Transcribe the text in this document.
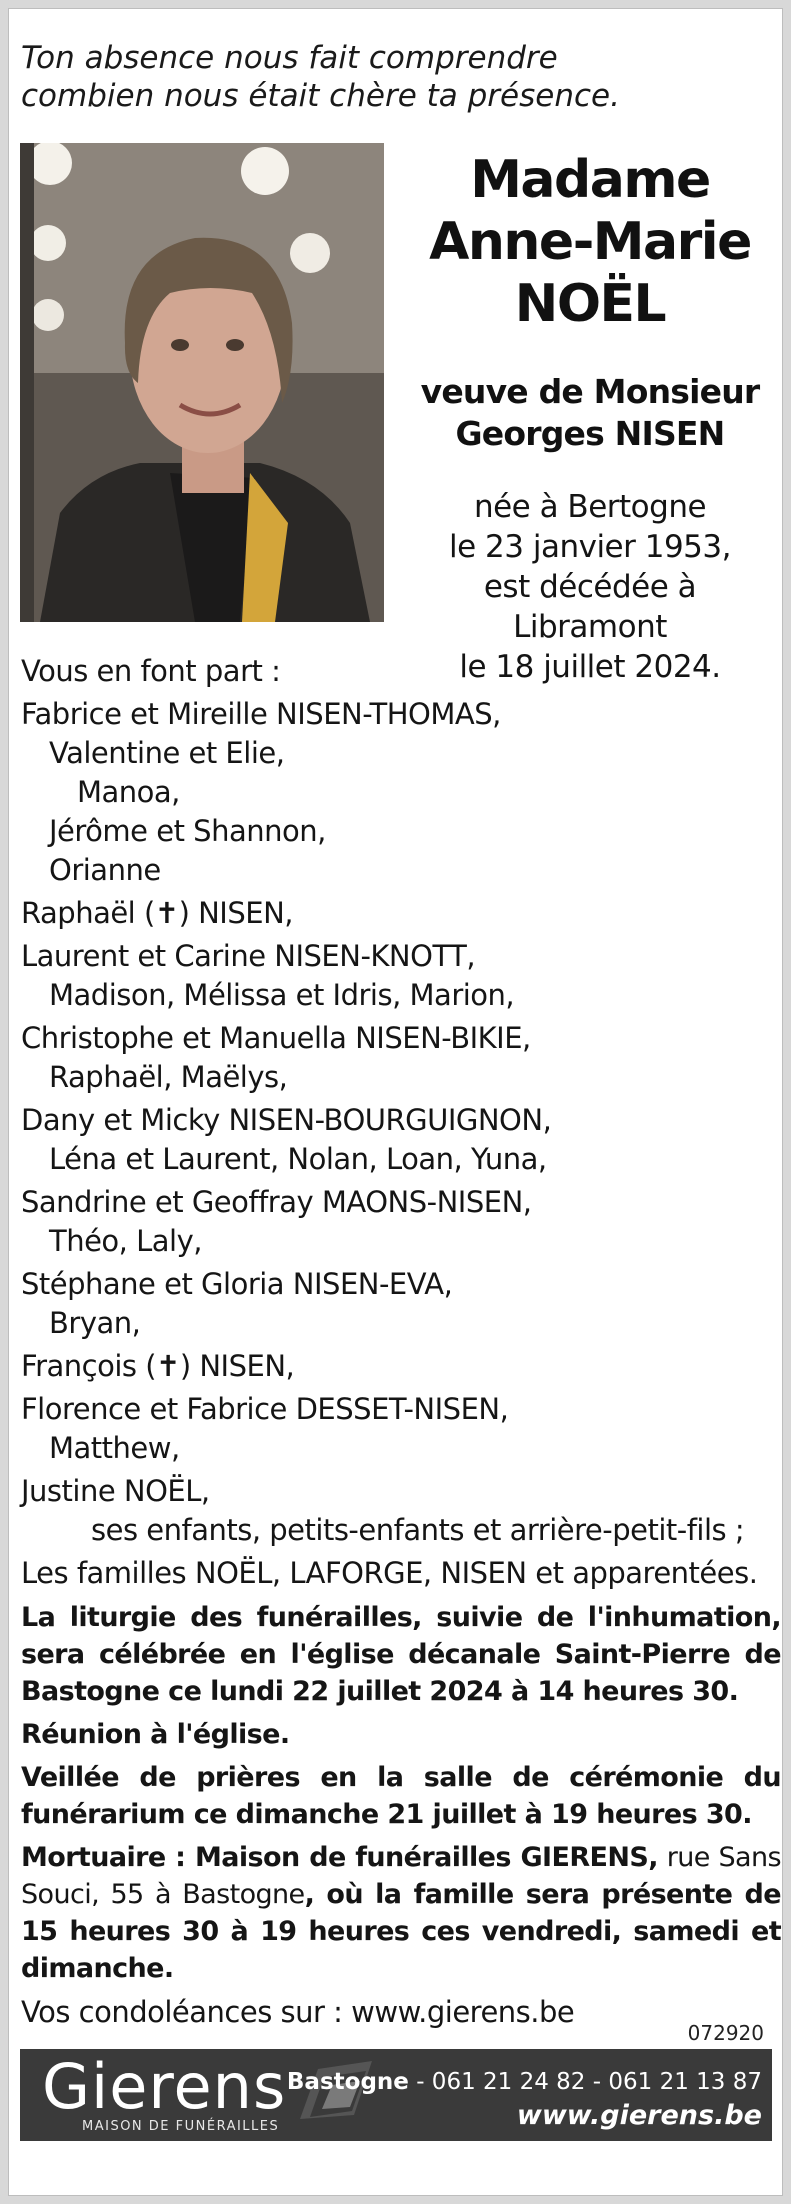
Ton absence nous fait comprendre
combien nous était chère ta présence.
Madame
Anne-Marie
NOËL
veuve de Monsieur
Georges NISEN
née à Bertogne
le 23 janvier 1953,
est décédée à Libramont
le 18 juillet 2024.
Vous en font part :
Fabrice et Mireille NISEN-THOMAS,
Valentine et Elie,
Manoa,
Jérôme et Shannon,
Orianne
Raphaël (✝) NISEN,
Laurent et Carine NISEN-KNOTT,
Madison, Mélissa et Idris, Marion,
Christophe et Manuella NISEN-BIKIE,
Raphaël, Maëlys,
Dany et Micky NISEN-BOURGUIGNON,
Léna et Laurent, Nolan, Loan, Yuna,
Sandrine et Geoffray MAONS-NISEN,
Théo, Laly,
Stéphane et Gloria NISEN-EVA,
Bryan,
François (✝) NISEN,
Florence et Fabrice DESSET-NISEN,
Matthew,
Justine NOËL,
ses enfants, petits-enfants et arrière-petit-fils ;
Les familles NOËL, LAFORGE, NISEN et apparentées.
La liturgie des funérailles, suivie de l'inhumation, sera célébrée en l'église décanale Saint-Pierre de Bastogne ce lundi 22 juillet 2024 à 14 heures 30.
Réunion à l'église.
Veillée de prières en la salle de cérémonie du funérarium ce dimanche 21 juillet à 19 heures 30.
Mortuaire : Maison de funérailles GIERENS, rue Sans Souci, 55 à Bastogne, où la famille sera présente de 15 heures 30 à 19 heures ces vendredi, samedi et dimanche.
Vos condoléances sur : www.gierens.be
072920
Gierens
MAISON DE FUNÉRAILLES
Bastogne - 061 21 24 82 - 061 21 13 87
www.gierens.be
